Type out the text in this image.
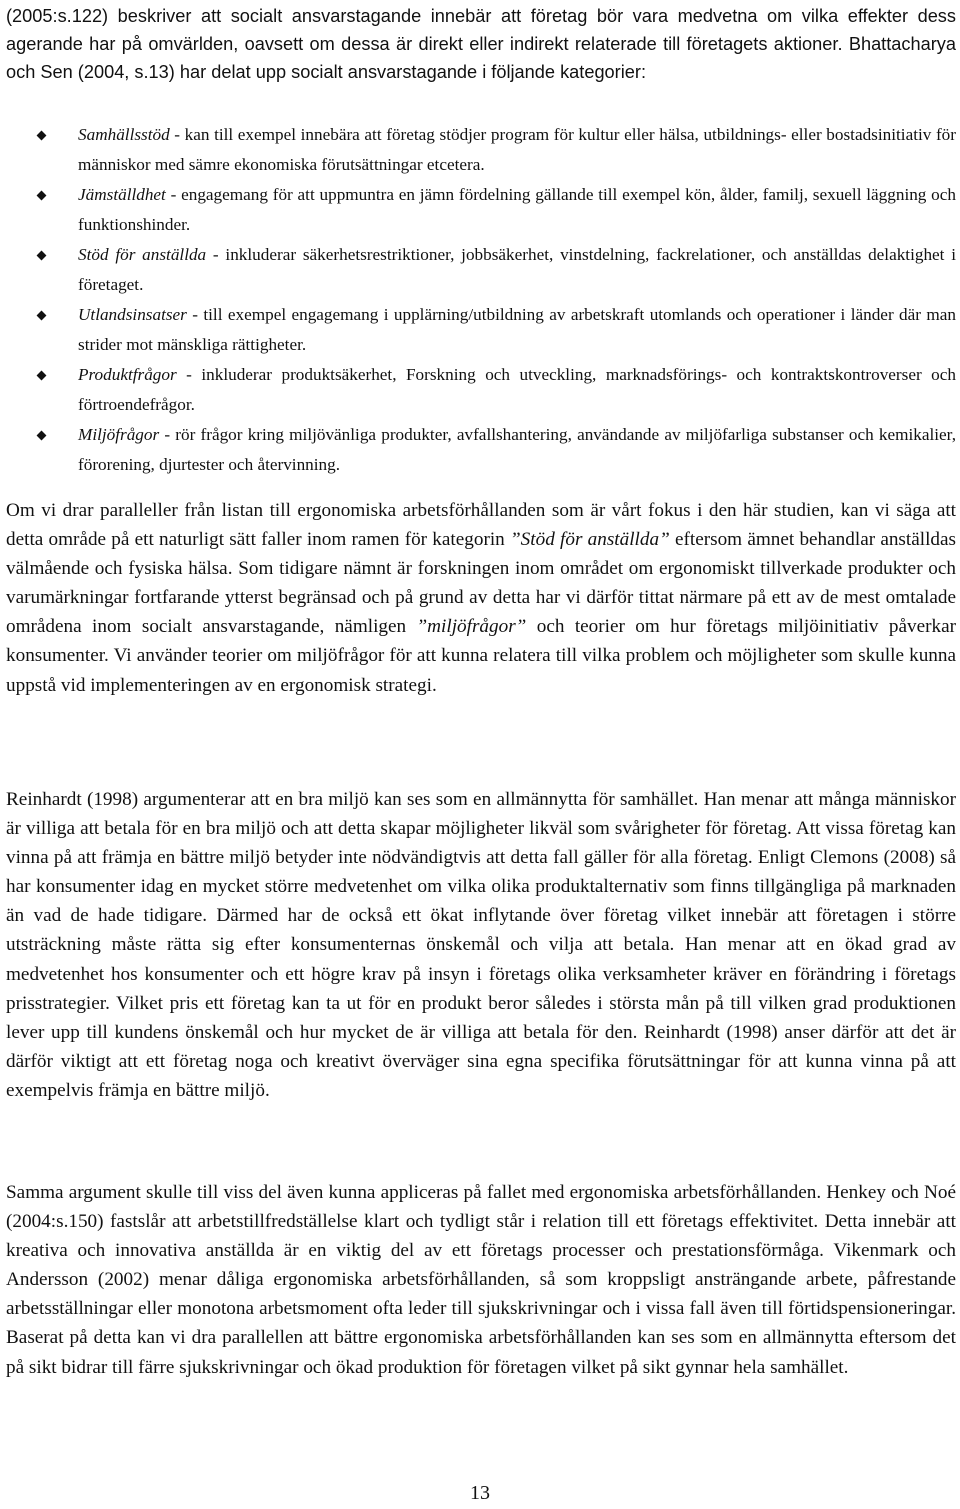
(2005:s.122) beskriver att socialt ansvarstagande innebär att företag bör vara medvetna om vilka effekter dess agerande har på omvärlden, oavsett om dessa är direkt eller indirekt relaterade till företagets aktioner. Bhattacharya och Sen (2004, s.13) har delat upp socialt ansvarstagande i följande kategorier:

Samhällsstöd - kan till exempel innebära att företag stödjer program för kultur eller hälsa, utbildnings- eller bostadsinitiativ för människor med sämre ekonomiska förutsättningar etcetera.
Jämställdhet - engagemang för att uppmuntra en jämn fördelning gällande till exempel kön, ålder, familj, sexuell läggning och funktionshinder.
Stöd för anställda - inkluderar säkerhetsrestriktioner, jobbsäkerhet, vinstdelning, fackrelationer, och anställdas delaktighet i företaget.
Utlandsinsatser - till exempel engagemang i upplärning/utbildning av arbetskraft utomlands och operationer i länder där man strider mot mänskliga rättigheter.
Produktfrågor - inkluderar produktsäkerhet, Forskning och utveckling, marknadsförings- och kontraktskontroverser och förtroendefrågor.
Miljöfrågor - rör frågor kring miljövänliga produkter, avfallshantering, användande av miljöfarliga substanser och kemikalier, förorening, djurtester och återvinning.

Om vi drar paralleller från listan till ergonomiska arbetsförhållanden som är vårt fokus i den här studien, kan vi säga att detta område på ett naturligt sätt faller inom ramen för kategorin ”Stöd för anställda” eftersom ämnet behandlar anställdas välmående och fysiska hälsa. Som tidigare nämnt är forskningen inom området om ergonomiskt tillverkade produkter och varumärkningar fortfarande ytterst begränsad och på grund av detta har vi därför tittat närmare på ett av de mest omtalade områdena inom socialt ansvarstagande, nämligen ”miljöfrågor” och teorier om hur företags miljöinitiativ påverkar konsumenter. Vi använder teorier om miljöfrågor för att kunna relatera till vilka problem och möjligheter som skulle kunna uppstå vid implementeringen av en ergonomisk strategi.

Reinhardt (1998) argumenterar att en bra miljö kan ses som en allmännytta för samhället. Han menar att många människor är villiga att betala för en bra miljö och att detta skapar möjligheter likväl som svårigheter för företag. Att vissa företag kan vinna på att främja en bättre miljö betyder inte nödvändigtvis att detta fall gäller för alla företag. Enligt Clemons (2008) så har konsumenter idag en mycket större medvetenhet om vilka olika produktalternativ som finns tillgängliga på marknaden än vad de hade tidigare. Därmed har de också ett ökat inflytande över företag vilket innebär att företagen i större utsträckning måste rätta sig efter konsumenternas önskemål och vilja att betala. Han menar att en ökad grad av medvetenhet hos konsumenter och ett högre krav på insyn i företags olika verksamheter kräver en förändring i företags prisstrategier. Vilket pris ett företag kan ta ut för en produkt beror således i största mån på till vilken grad produktionen lever upp till kundens önskemål och hur mycket de är villiga att betala för den. Reinhardt (1998) anser därför att det är därför viktigt att ett företag noga och kreativt överväger sina egna specifika förutsättningar för att kunna vinna på att exempelvis främja en bättre miljö.

Samma argument skulle till viss del även kunna appliceras på fallet med ergonomiska arbetsförhållanden. Henkey och Noé (2004:s.150) fastslår att arbetstillfredställelse klart och tydligt står i relation till ett företags effektivitet. Detta innebär att kreativa och innovativa anställda är en viktig del av ett företags processer och prestationsförmåga. Vikenmark och Andersson (2002) menar dåliga ergonomiska arbetsförhållanden, så som kroppsligt ansträngande arbete, påfrestande arbetsställningar eller monotona arbetsmoment ofta leder till sjukskrivningar och i vissa fall även till förtidspensioneringar. Baserat på detta kan vi dra parallellen att bättre ergonomiska arbetsförhållanden kan ses som en allmännytta eftersom det på sikt bidrar till färre sjukskrivningar och ökad produktion för företagen vilket på sikt gynnar hela samhället.

13
